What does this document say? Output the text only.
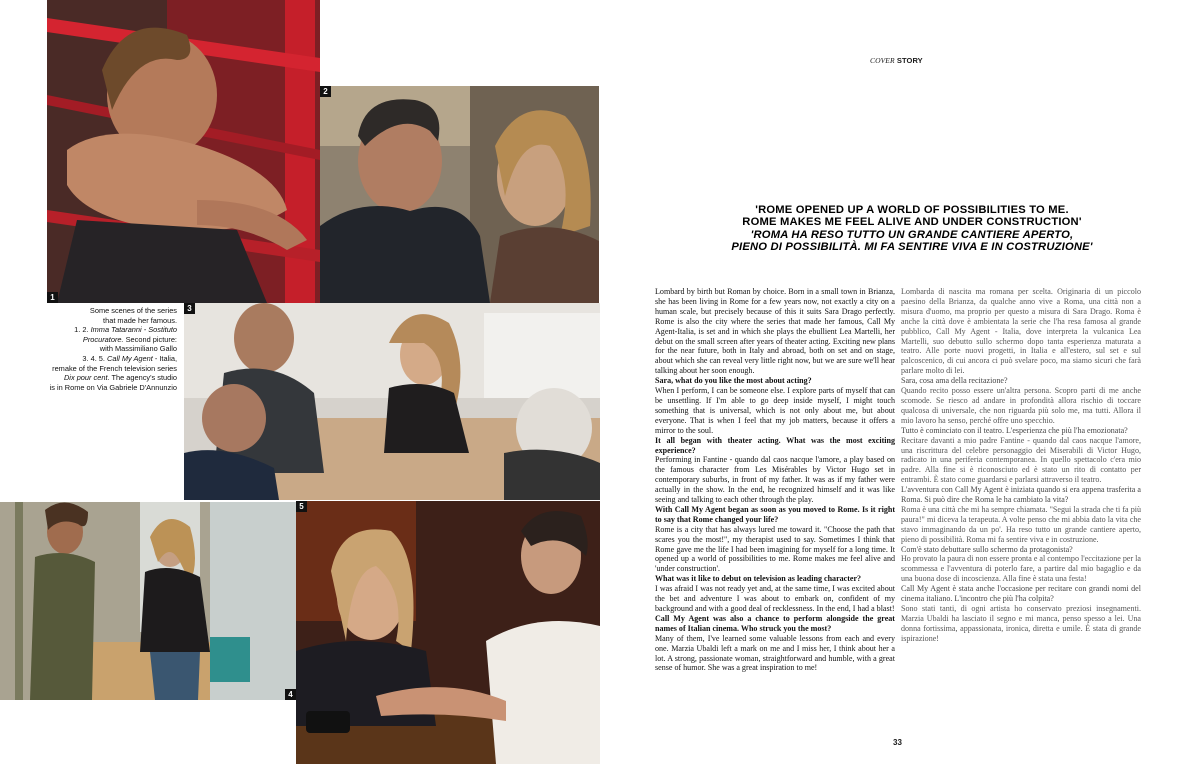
1
2
3
4
5
Some scenes of the series
that made her famous.
1. 2. Imma Tataranni - Sostituto
Procuratore. Second picture:
with Massimiliano Gallo
3. 4. 5. Call My Agent - Italia,
remake of the French television series
Dix pour cent. The agency's studio
is in Rome on Via Gabriele D'Annunzio
COVER STORY
'ROME OPENED UP A WORLD OF POSSIBILITIES TO ME.
ROME MAKES ME FEEL ALIVE AND UNDER CONSTRUCTION'
'ROMA HA RESO TUTTO UN GRANDE CANTIERE APERTO,
PIENO DI POSSIBILITÀ. MI FA SENTIRE VIVA E IN COSTRUZIONE'

Lombard by birth but Roman by choice. Born in a small town in Brianza, she has been living in Rome for a few years now, not exactly a city on a human scale, but precisely because of this it suits Sara Drago perfectly. Rome is also the city where the series that made her famous, Call My Agent-Italia, is set and in which she plays the ebullient Lea Martelli, her debut on the small screen after years of theater acting. Exciting new plans for the near future, both in Italy and abroad, both on set and on stage, about which she can reveal very little right now, but we are sure we'll hear talking about her soon enough.

Sara, what do you like the most about acting?

When I perform, I can be someone else. I explore parts of myself that can be unsettling. If I'm able to go deep inside myself, I might touch something that is universal, which is not only about me, but about everyone. That is when I feel that my job matters, because it offers a mirror to the soul.

It all began with theater acting. What was the most exciting experience?

Performing in Fantine - quando dal caos nacque l'amore, a play based on the famous character from Les Misérables by Victor Hugo set in contemporary suburbs, in front of my father. It was as if my father were actually in the show. In the end, he recognized himself and it was like seeing and talking to each other through the play.

With Call My Agent began as soon as you moved to Rome. Is it right to say that Rome changed your life?

Rome is a city that has always lured me toward it. "Choose the path that scares you the most!", my therapist used to say. Sometimes I think that Rome gave me the life I had been imagining for myself for a long time. It opened up a world of possibilities to me. Rome makes me feel alive and 'under construction'.

What was it like to debut on television as leading character?

I was afraid I was not ready yet and, at the same time, I was excited about the bet and adventure I was about to embark on, confident of my background and with a good deal of recklessness. In the end, I had a blast!

Call My Agent was also a chance to perform alongside the great names of Italian cinema. Who struck you the most?

Many of them, I've learned some valuable lessons from each and every one. Marzia Ubaldi left a mark on me and I miss her, I think about her a lot. A strong, passionate woman, straightforward and humble, with a great sense of humor. She was a great inspiration to me!

Lombarda di nascita ma romana per scelta. Originaria di un piccolo paesino della Brianza, da qualche anno vive a Roma, una città non a misura d'uomo, ma proprio per questo a misura di Sara Drago. Roma è anche la città dove è ambientata la serie che l'ha resa famosa al grande pubblico, Call My Agent - Italia, dove interpreta la vulcanica Lea Martelli, suo debutto sullo schermo dopo tanta esperienza maturata a teatro. Alle porte nuovi progetti, in Italia e all'estero, sul set e sul palcoscenico, di cui ancora ci può svelare poco, ma siamo sicuri che farà parlare molto di lei.

Sara, cosa ama della recitazione?

Quando recito posso essere un'altra persona. Scopro parti di me anche scomode. Se riesco ad andare in profondità allora rischio di toccare qualcosa di universale, che non riguarda più solo me, ma tutti. Allora il mio lavoro ha senso, perché offre uno specchio.

Tutto è cominciato con il teatro. L'esperienza che più l'ha emozionata?

Recitare davanti a mio padre Fantine - quando dal caos nacque l'amore, una riscrittura del celebre personaggio dei Miserabili di Victor Hugo, radicato in una periferia contemporanea. In quello spettacolo c'era mio padre. Alla fine si è riconosciuto ed è stato un rito di contatto per entrambi. È stato come guardarsi e parlarsi attraverso il teatro.

L'avventura con Call My Agent è iniziata quando si era appena trasferita a Roma. Si può dire che Roma le ha cambiato la vita?

Roma è una città che mi ha sempre chiamata. "Segui la strada che ti fa più paura!" mi diceva la terapeuta. A volte penso che mi abbia dato la vita che stavo immaginando da un po'. Ha reso tutto un grande cantiere aperto, pieno di possibilità. Roma mi fa sentire viva e in costruzione.

Com'è stato debuttare sullo schermo da protagonista?

Ho provato la paura di non essere pronta e al contempo l'eccitazione per la scommessa e l'avventura di poterlo fare, a partire dal mio bagaglio e da una buona dose di incoscienza. Alla fine è stata una festa!

Call My Agent è stata anche l'occasione per recitare con grandi nomi del cinema italiano. L'incontro che più l'ha colpita?

Sono stati tanti, di ogni artista ho conservato preziosi insegnamenti. Marzia Ubaldi ha lasciato il segno e mi manca, penso spesso a lei. Una donna fortissima, appassionata, ironica, diretta e umile. È stata di grande ispirazione!

33
